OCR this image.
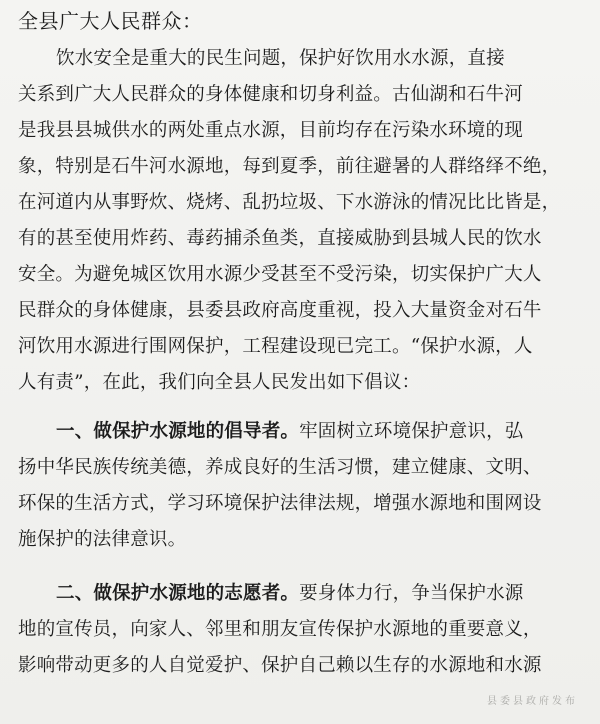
全县广大人民群众：
饮水安全是重大的民生问题，保护好饮用水水源，直接
关系到广大人民群众的身体健康和切身利益。古仙湖和石牛河
是我县县城供水的两处重点水源，目前均存在污染水环境的现
象，特别是石牛河水源地，每到夏季，前往避暑的人群络绎不绝，
在河道内从事野炊、烧烤、乱扔垃圾、下水游泳的情况比比皆是，
有的甚至使用炸药、毒药捕杀鱼类，直接威胁到县城人民的饮水
安全。为避免城区饮用水源少受甚至不受污染，切实保护广大人
民群众的身体健康，县委县政府高度重视，投入大量资金对石牛
河饮用水源进行围网保护，工程建设现已完工。“保护水源，人
人有责”，在此，我们向全县人民发出如下倡议：
一、做保护水源地的倡导者。牢固树立环境保护意识，弘
扬中华民族传统美德，养成良好的生活习惯，建立健康、文明、
环保的生活方式，学习环境保护法律法规，增强水源地和围网设
施保护的法律意识。
二、做保护水源地的志愿者。要身体力行，争当保护水源
地的宣传员，向家人、邻里和朋友宣传保护水源地的重要意义，
影响带动更多的人自觉爱护、保护自己赖以生存的水源地和水源
县委县政府发布
